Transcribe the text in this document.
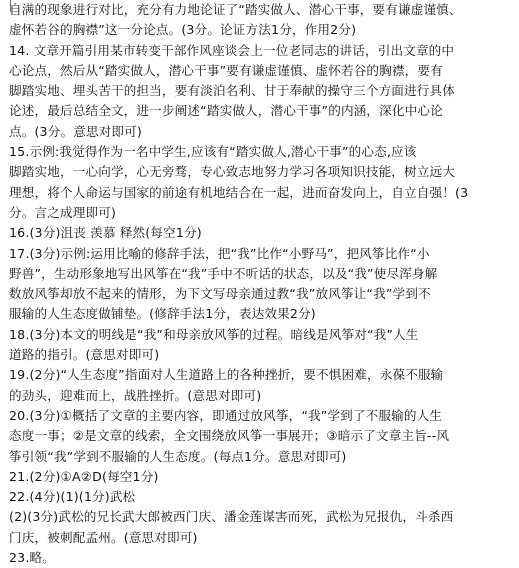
自满的现象进行对比，充分有力地论证了“踏实做人、潜心干事，要有谦虚谨慎、
虚怀若谷的胸襟”这一分论点。(3分。论证方法1分，作用2分)
14. 文章开篇引用某市转变干部作风座谈会上一位老同志的讲话，引出文章的中
心论点，然后从“踏实做人，潜心干事”要有谦虚谨慎、虚怀若谷的胸襟，要有
脚踏实地、埋头苦干的担当，要有淡泊名利、甘于奉献的操守三个方面进行具体
论述，最后总结全文，进一步阐述“踏实做人，潜心干事”的内涵，深化中心论
点。(3分。意思对即可)
15.示例:我觉得作为一名中学生,应该有“踏实做人,潜心干事”的心态,应该
脚踏实地，一心向学，心无旁骛，专心致志地努力学习各项知识技能，树立远大
理想，将个人命运与国家的前途有机地结合在一起，进而奋发向上，自立自强！(3
分。言之成理即可)
16.(3分)沮丧 羡慕 释然(每空1分)
17.(3分)示例:运用比喻的修辞手法，把“我”比作“小野马”，把风筝比作“小
野兽”，生动形象地写出风筝在“我”手中不听话的状态，以及“我”使尽浑身解
数放风筝却放不起来的情形，为下文写母亲通过教“我”放风筝让“我”学到不
服输的人生态度做铺垫。(修辞手法1分，表达效果2分)
18.(3分)本文的明线是“我”和母亲放风筝的过程。暗线是风筝对“我”人生
道路的指引。(意思对即可)
19.(2分)“人生态度”指面对人生道路上的各种挫折，要不惧困难，永葆不服输
的劲头，迎难而上，战胜挫折。(意思对即可)
20.(3分)①概括了文章的主要内容，即通过放风筝，“我”学到了不服输的人生
态度一事；②是文章的线索，全文围绕放风筝一事展开；③暗示了文章主旨--风
筝引领“我”学到不服输的人生态度。(每点1分。意思对即可)
21.(2分)①A②D(每空1分)
22.(4分)(1)(1分)武松
(2)(3分)武松的兄长武大郎被西门庆、潘金莲谋害而死，武松为兄报仇，斗杀西
门庆，被刺配孟州。(意思对即可)
23.略。
